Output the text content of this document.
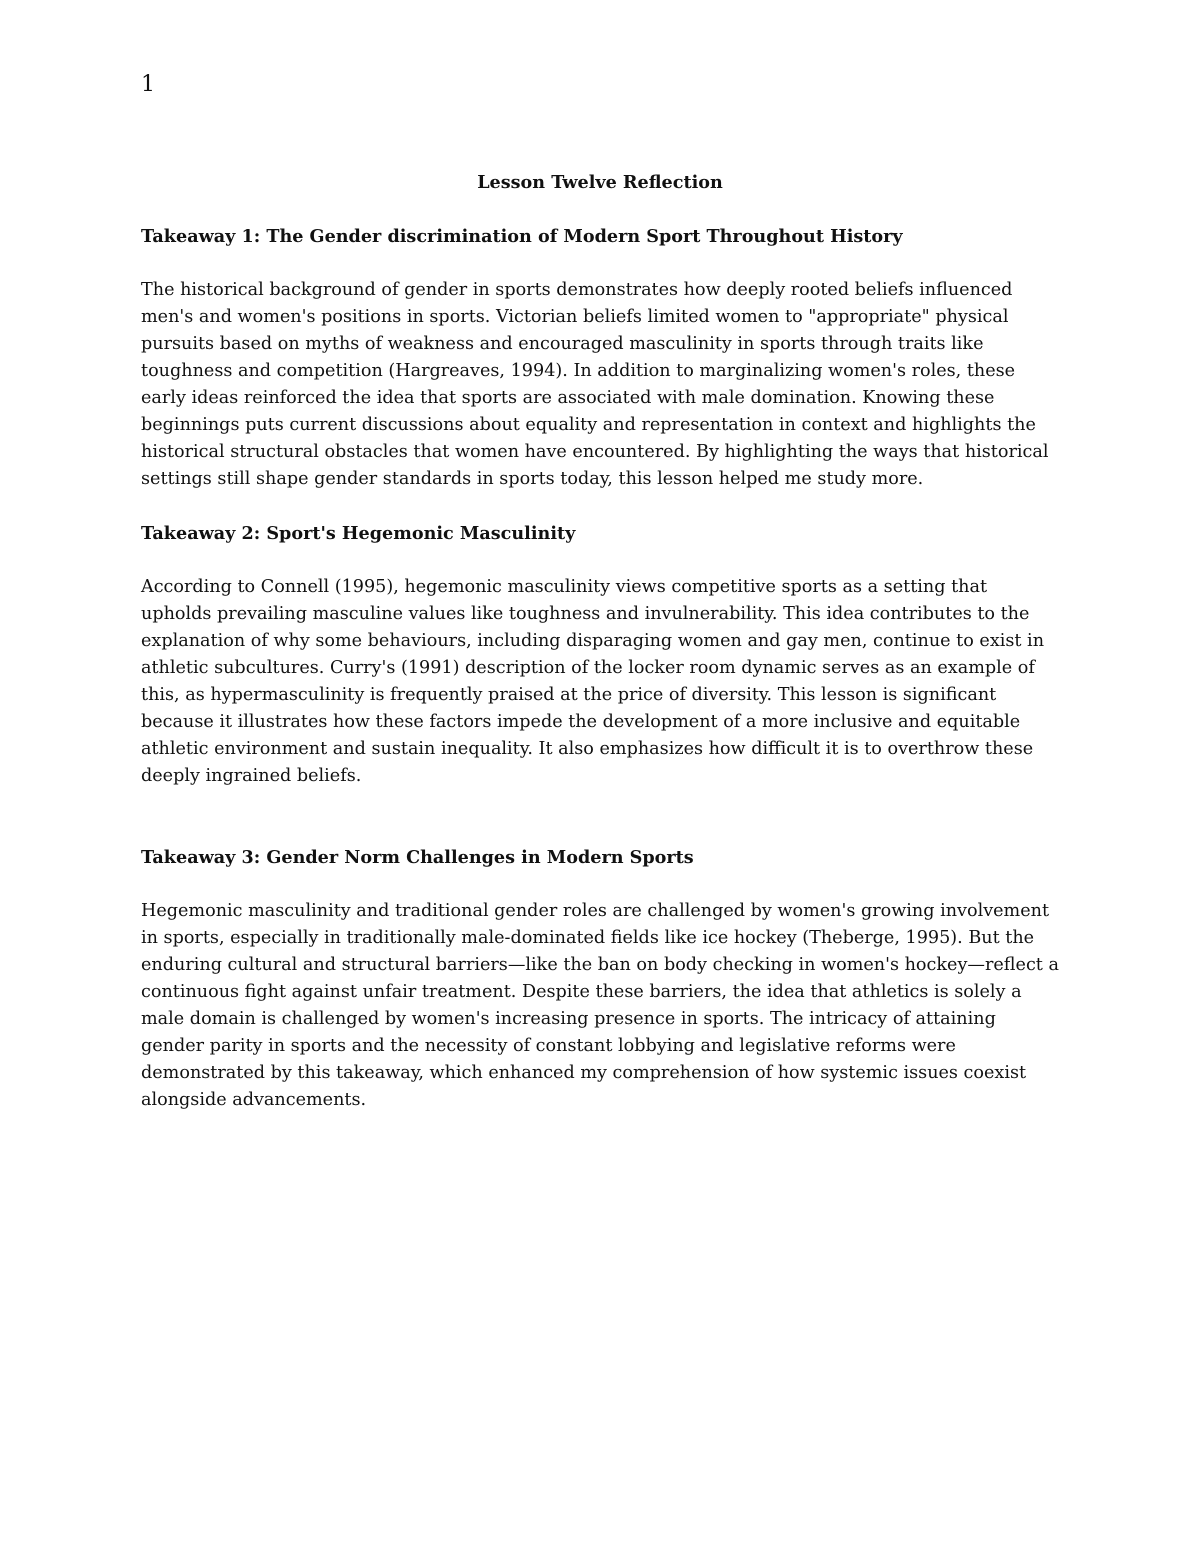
1
Lesson Twelve Reflection
Takeaway 1: The Gender discrimination of Modern Sport Throughout History
The historical background of gender in sports demonstrates how deeply rooted beliefs influenced men's and women's positions in sports. Victorian beliefs limited women to "appropriate" physical pursuits based on myths of weakness and encouraged masculinity in sports through traits like toughness and competition (Hargreaves, 1994). In addition to marginalizing women's roles, these early ideas reinforced the idea that sports are associated with male domination. Knowing these beginnings puts current discussions about equality and representation in context and highlights the historical structural obstacles that women have encountered. By highlighting the ways that historical settings still shape gender standards in sports today, this lesson helped me study more.
Takeaway 2: Sport's Hegemonic Masculinity
According to Connell (1995), hegemonic masculinity views competitive sports as a setting that upholds prevailing masculine values like toughness and invulnerability. This idea contributes to the explanation of why some behaviours, including disparaging women and gay men, continue to exist in athletic subcultures. Curry's (1991) description of the locker room dynamic serves as an example of this, as hypermasculinity is frequently praised at the price of diversity. This lesson is significant because it illustrates how these factors impede the development of a more inclusive and equitable athletic environment and sustain inequality. It also emphasizes how difficult it is to overthrow these deeply ingrained beliefs.
Takeaway 3: Gender Norm Challenges in Modern Sports
Hegemonic masculinity and traditional gender roles are challenged by women's growing involvement in sports, especially in traditionally male-dominated fields like ice hockey (Theberge, 1995). But the enduring cultural and structural barriers—like the ban on body checking in women's hockey—reflect a continuous fight against unfair treatment. Despite these barriers, the idea that athletics is solely a male domain is challenged by women's increasing presence in sports. The intricacy of attaining gender parity in sports and the necessity of constant lobbying and legislative reforms were demonstrated by this takeaway, which enhanced my comprehension of how systemic issues coexist alongside advancements.
